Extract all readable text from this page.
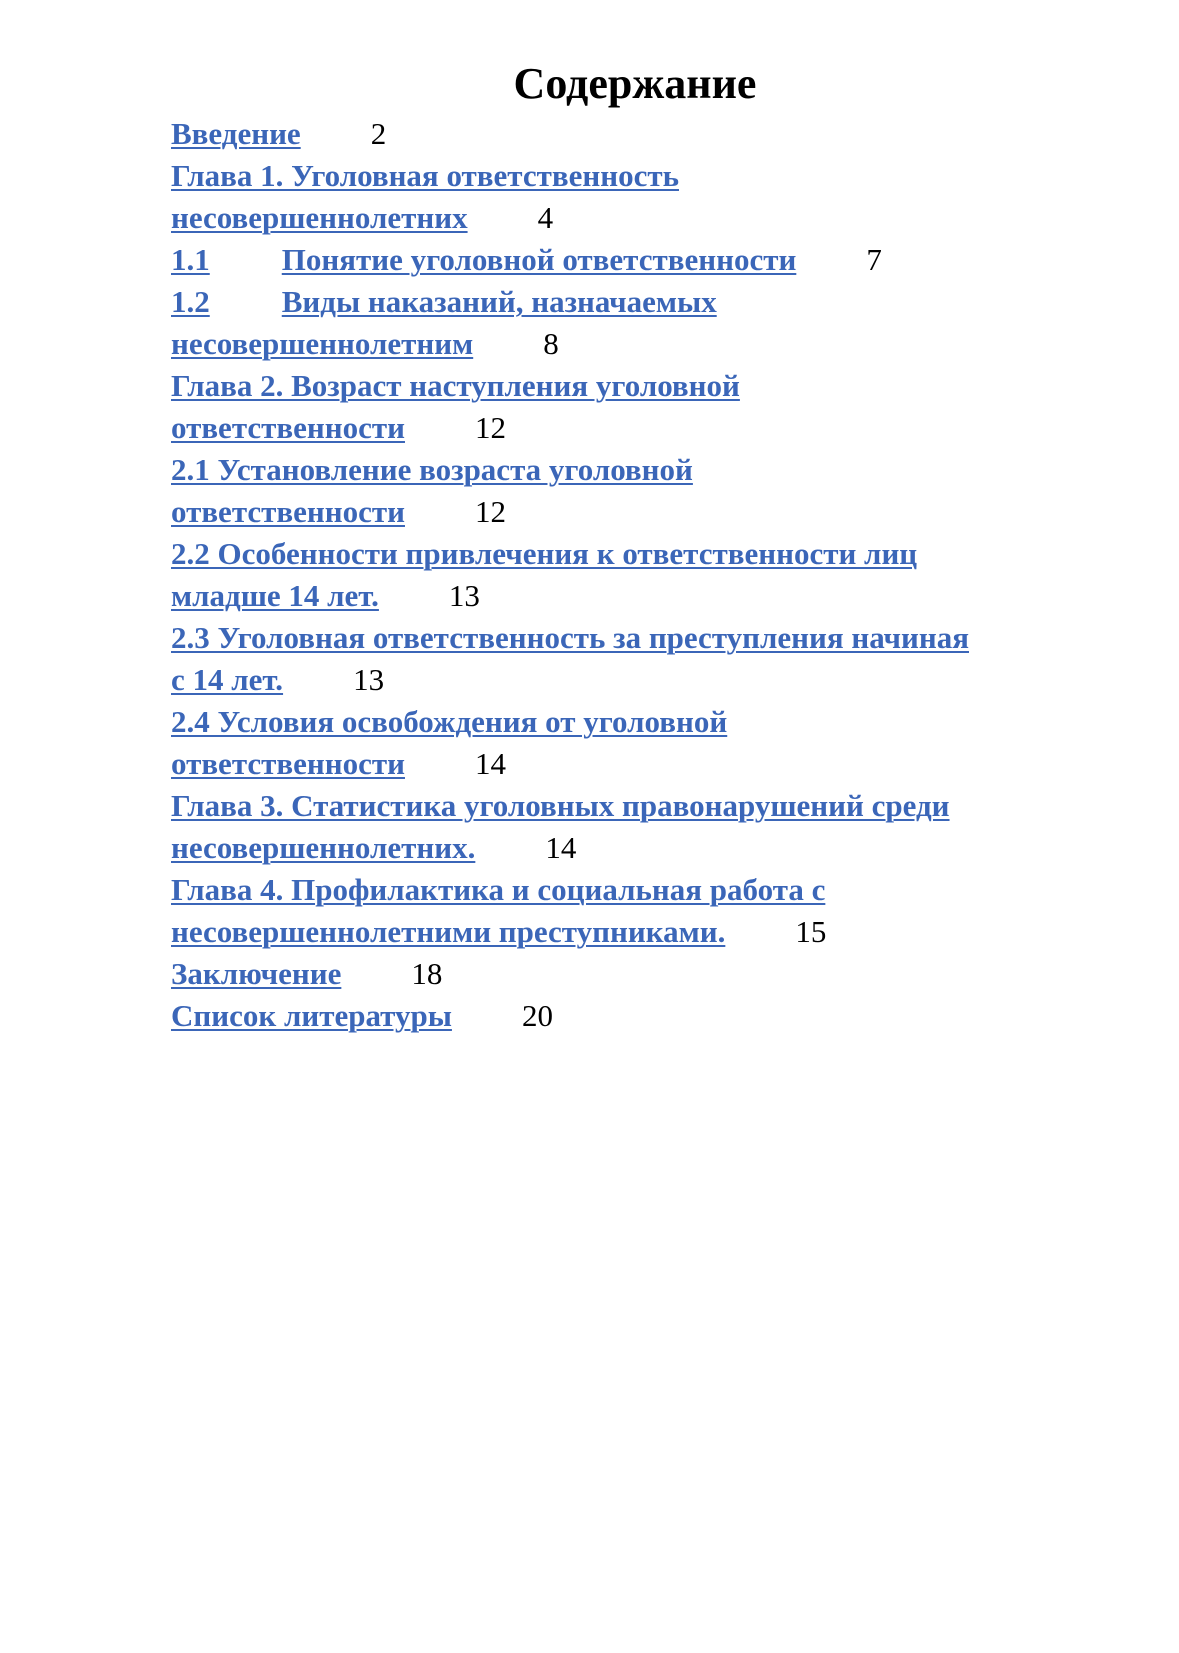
Содержание
Введение 2
Глава 1. Уголовная ответственность
несовершеннолетних 4
1.1 Понятие уголовной ответственности 7
1.2 Виды наказаний, назначаемых
несовершеннолетним 8
Глава 2. Возраст наступления уголовной
ответственности 12
2.1 Установление возраста уголовной
ответственности 12
2.2 Особенности привлечения к ответственности лиц
младше 14 лет. 13
2.3 Уголовная ответственность за преступления начиная
с 14 лет. 13
2.4 Условия освобождения от уголовной
ответственности 14
Глава 3. Статистика уголовных правонарушений среди
несовершеннолетних. 14
Глава 4. Профилактика и социальная работа с
несовершеннолетними преступниками. 15
Заключение 18
Список литературы 20
